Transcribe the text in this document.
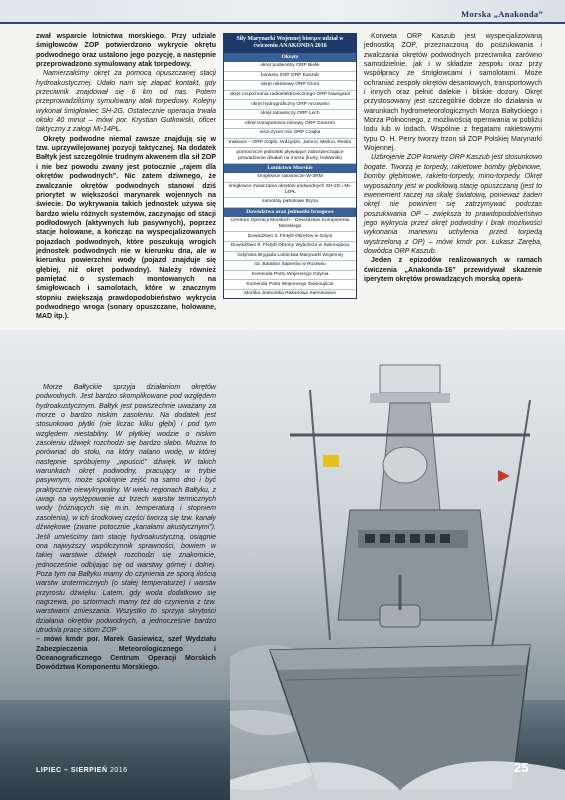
Morska „Anakonda”

zwał wsparcie lotnictwa morskiego. Przy udziale śmigłowców ZOP potwierdzono wykrycie okrętu podwodnego oraz ustalono jego pozycję, a następnie przeprowadzono symulowany atak torpedowy.

Namierzaliśmy okręt za pomocą opuszczanej stacji hydroakustycznej. Udało nam się złapać kontakt, gdy przeciwnik znajdował się 6 km od nas. Potem przeprowadziliśmy symulowany atak torpedowy. Kolejny wykonał śmigłowiec SH-2G. Ostatecznie operacja trwała około 40 minut – mówi por. Krystian Gutkowski, oficer taktyczny z załogi Mi-14PŁ.

Okręty podwodne niemal zawsze znajdują się w tzw. uprzywilejowanej pozycji taktycznej. Na dodatek Bałtyk jest szczególnie trudnym akwenem dla sił ZOP i nie bez powodu zwany jest potocznie „rajem dla okrętów podwodnych”. Nic zatem dziwnego, że zwalczanie okrętów podwodnych stanowi dziś priorytet w większości marynarek wojennych na świecie. Do wykrywania takich jednostek używa się bardzo wielu różnych systemów, zaczynając od stacji podłodowych (aktywnych lub pasywnych), poprzez stacje holowane, a kończąc na wyspecjalizowanych pojazdach podwodnych, które poszukują wrogich jednostek podwodnych nie w kierunku dna, ale w kierunku powierzchni wody (pojazd znajduje się głębiej, niż okręt podwodny). Należy również pamiętać o systemach montowanych na śmigłowcach i samolotach, które w znacznym stopniu zwiększają prawdopodobieństwo wykrycia podwodnego wroga (sonary opuszczane, holowane, MAD itp.).

Morze Bałtyckie sprzyja działaniom okrętów podwodnych. Jest bardzo skomplikowane pod względem hydroakustycznym. Bałtyk jest powszechnie uważany za morze o bardzo niskim zasoleniu. Na dodatek jest stosunkowo płytki (nie liczac kilku głębi) i pod tym względem niestabilny. W płytkiej wodzie o niskim zasoleniu dźwięk rozchodzi się bardzo słabo. Można to porównać do stołu, na który nalano wodę, w której następnie spróbujemy „wpuścić” dźwięk. W takich warunkach okręt podwodny, pracujący w trybie pasywnym, może spokojnie zejść na samo dno i być praktycznie niewykrywalny. W wielu regionach Bałtyku, z uwagi na występowanie aż trzech warstw termicznych wody (różniących się m.in. temperaturą i stopniem zasolenia), w ich środkowej części tworzą się tzw. kanały dźwiękowe (zwane potocznie „kanałami akustycznymi”). Jeśli umieścimy tam stację hydroakustyczną, osiągnie ona najwyższy współczynnik sprawności, bowiem w takiej warstwie dźwięk rozchodzi się znakomicie, jednocześnie odbijając się od warstwy górnej i dolnej. Poza tym na Bałtyku mamy do czynienia ze sporą ilością warstw izotermicznych (o stałej temperaturze) i warstw przyrostu dźwięku. Latem, gdy woda dodatkowo się nagrzewa, po sztormach mamy też do czynienia z tzw. warstwami zmieszania. Wszystko to sprzyja skrytości działania okrętów podwodnych, a jednocześnie bardzo utrudnia pracę sitom ZOP

– mówi kmdr por. Marek Gasiewicz, szef Wydziału Zabezpieczenia Meteorologicznego i Oceanograficznego Centrum Operacji Morskich Dowództwa Komponentu Morskiego.

Siły Marynarki Wojennej biorące udział w ćwiczeniu ANAKONDA 2016
Okręty
okręt podwodny ORP Bielik
korweta ZOP ORP Kaszub
okręt rakietowy ORP Grom
okręt rozpoznania radioelektronicznego ORP Nawigator
okręt hydrograficzny ORP Arctowski
okręt ratowniczy ORP Lech
okręt transportowo-minowy ORP Gniezno
niszczyciel min ORP Czajka
trałowce – ORP Gopło, Wdzydze, Jamno, Mielno, Resko
pomocnicze jednostki pływające zabezpieczające prowadzenie działań na morzu (kutry, holowniki)
Lotnictwo Morskie
śmigłowce ratownicze W-3RM
śmigłowce zwalczania okrętów podwodnych SH-2G i Mi-14PŁ
samoloty patrolowe Bryza
Dowództwa oraz jednostki brzegowe
Centrum Operacji Morskich – Dowództwo Komponentu Morskiego
Dowództwo 3. Flotylli Okrętów w Gdyni
Dowództwo 8. Flotylli Obrony Wybrzeża w Świnoujściu
Gdyńska Brygada Lotnictwa Marynarki Wojennej
43. Batalion Saperów w Rozewiu
Komenda Portu Wojennego Gdynia
Komenda Portu Wojennego Świnoujście
Morska Jednostka Rakietowa Siemirowice

Korweta ORP Kaszub jest wyspecjalizowaną jednostką ZOP, przeznaczoną do poszukiwania i zwalczania okrętów podwodnych przeciwnika zarówno samodzielnie, jak i w składzie zespołu oraz przy współpracy ze śmigłowcami i samolotami. Może ochraniać zespoły okrętów desantowych, transportowych i innych oraz pełnić dalekie i bliskie dozory. Okręt przystosowany jest szczególnie dobrze do działania w warunkach hydrometeorologicznych Morza Bałtyckiego i Morza Północnego, z możliwością operowania w pobliżu lodu lub w lodach. Wspólnie z fregatami rakietowymi typu O. H. Perry tworzy trzon sił ZOP Polskiej Marynarki Wojennej.

Uzbrojenie ZOP korwety ORP Kaszub jest stosunkowo bogate. Tworzą je torpedy, rakietowe bomby głębinowe, bomby głębinowe, rakieto-torpedy, mino-torpedy. Okręt wyposażony jest w podkilową stację opuszczaną (jest to ewenement raczej na skalę światową, ponieważ żaden okręt nie powinien się zatrzymywać podczas poszukiwania OP – zwiększa to prawdopodobieństwo jego wykrycia przez okręt podwodny i brak możliwości wykonania manewru uchylenia przed torpedą wystrzeloną z OP) – mówi kmdr por. Łukasz Zaręba, dowódca ORP Kaszub.

Jeden z epizodów realizowanych w ramach ćwiczenia „Anakonda-16” przewidywał skażenie iperytem okrętów prowadzących morską opera-

LIPIEC – SIERPIEŃ 2016	25
